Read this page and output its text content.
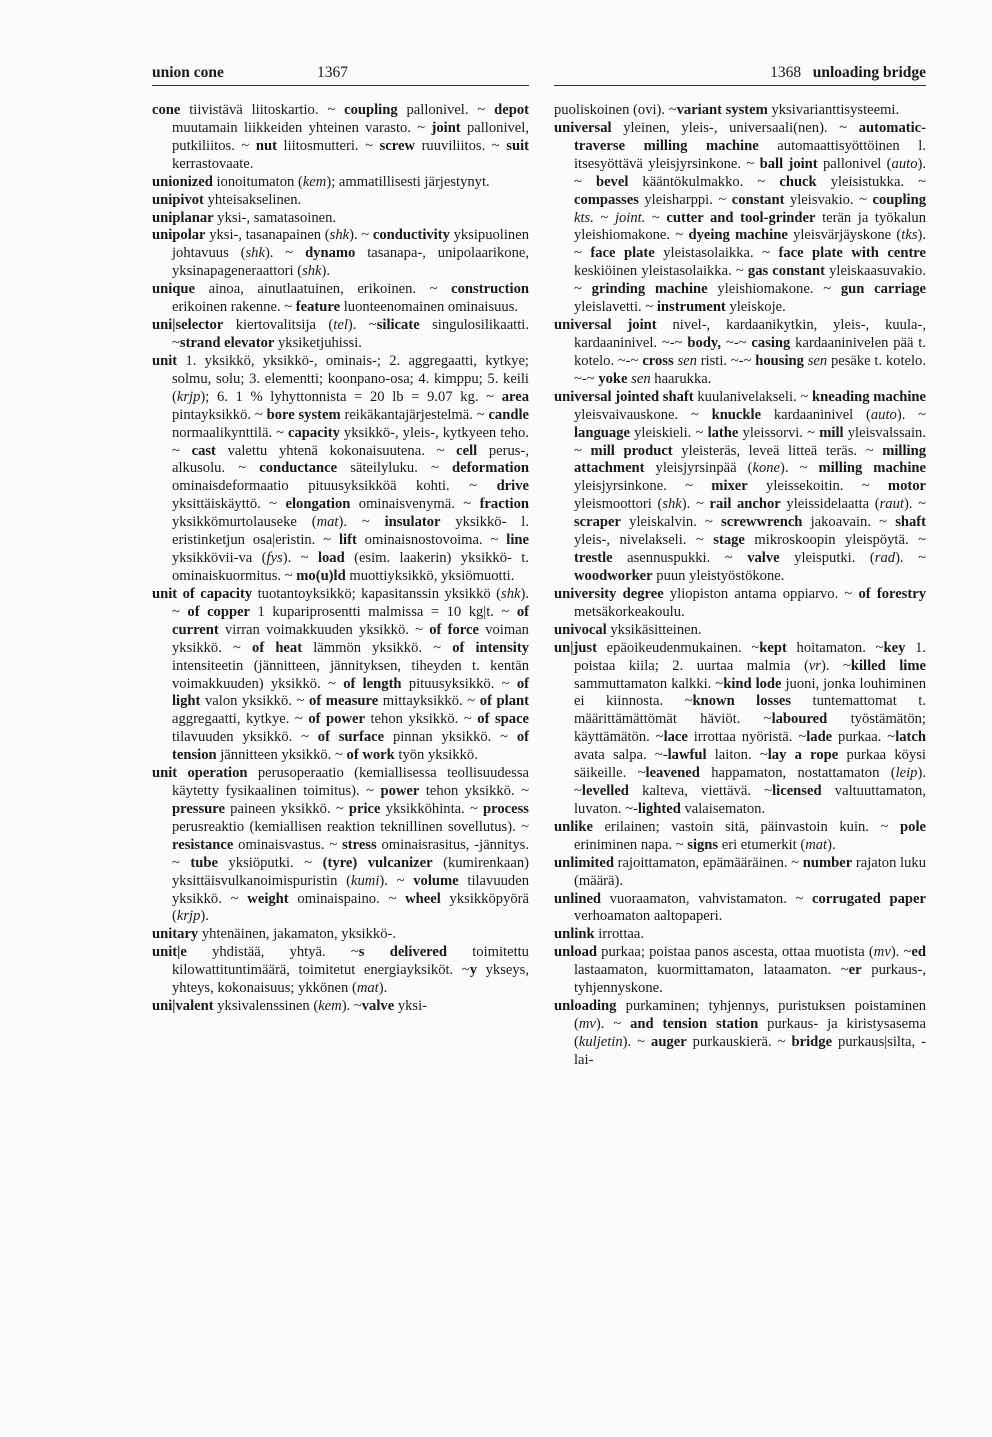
union cone	1367	1368 unloading bridge

cone tiivistävä liitoskartio. ~ coupling pallonivel. ~ depot muutamain liikkeiden yhteinen varasto. ~ joint pallonivel, putkiliitos. ~ nut liitosmutteri. ~ screw ruuviliitos. ~ suit kerrastovaate.

unionized ionoitumaton (kem); ammatillisesti järjestynyt.

unipivot yhteisakselinen.

uniplanar yksi-, samatasoinen.

unipolar yksi-, tasanapainen (shk). ~ conductivity yksipuolinen johtavuus (shk). ~ dynamo tasanapa-, unipolaarikone, yksinapageneraattori (shk).

unique ainoa, ainutlaatuinen, erikoinen. ~ construction erikoinen rakenne. ~ feature luonteenomainen ominaisuus.

uni|selector kiertovalitsija (tel). ~silicate singulosilikaatti. ~strand elevator yksiketjuhissi.

unit 1. yksikkö, yksikkö-, ominais-; 2. aggregaatti, kytkye; solmu, solu; 3. elementti; koonpano-osa; 4. kimppu; 5. keili (krjp); 6. 1 % lyhyttonnista = 20 lb = 9.07 kg. ~ area pintayksikkö. ~ bore system reikäkantajärjestelmä. ~ candle normaalikynttilä. ~ capacity yksikkö-, yleis-, kytkyeen teho. ~ cast valettu yhtenä kokonaisuutena. ~ cell perus-, alkusolu. ~ conductance säteilyluku. ~ deformation ominaisdeformaatio pituusyksikköä kohti. ~ drive yksittäiskäyttö. ~ elongation ominaisvenymä. ~ fraction yksikkömurtolauseke (mat). ~ insulator yksikkö- l. eristinketjun osa|eristin. ~ lift ominaisnostovoima. ~ line yksikkövii-va (fys). ~ load (esim. laakerin) yksikkö- t. ominaiskuormitus. ~ mo(u)ld muottiyksikkö, yksiömuotti.

unit of capacity tuotantoyksikkö; kapasitanssin yksikkö (shk). ~ of copper 1 kupariprosentti malmissa = 10 kg|t. ~ of current virran voimakkuuden yksikkö. ~ of force voiman yksikkö. ~ of heat lämmön yksikkö. ~ of intensity intensiteetin (jännitteen, jännityksen, tiheyden t. kentän voimakkuuden) yksikkö. ~ of length pituusyksikkö. ~ of light valon yksikkö. ~ of measure mittayksikkö. ~ of plant aggregaatti, kytkye. ~ of power tehon yksikkö. ~ of space tilavuuden yksikkö. ~ of surface pinnan yksikkö. ~ of tension jännitteen yksikkö. ~ of work työn yksikkö.

unit operation perusoperaatio (kemiallisessa teollisuudessa käytetty fysikaalinen toimitus). ~ power tehon yksikkö. ~ pressure paineen yksikkö. ~ price yksikköhinta. ~ process perusreaktio (kemiallisen reaktion teknillinen sovellutus). ~ resistance ominaisvastus. ~ stress ominaisrasitus, -jännitys. ~ tube yksiöputki. ~ (tyre) vulcanizer (kumirenkaan) yksittäisvulkanoimispuristin (kumi). ~ volume tilavuuden yksikkö. ~ weight ominaispaino. ~ wheel yksikköpyörä (krjp).

unitary yhtenäinen, jakamaton, yksikkö-.

unit|e yhdistää, yhtyä. ~s delivered toimitettu kilowattituntimäärä, toimitetut energiayksiköt. ~y ykseys, yhteys, kokonaisuus; ykkönen (mat).

uni|valent yksivalenssinen (kem). ~valve yksi-

puoliskoinen (ovi). ~variant system yksivarianttisysteemi.

universal yleinen, yleis-, universaali(nen). ~ automatic-traverse milling machine automaattisyöttöinen l. itsesyöttävä yleisjyrsinkone. ~ ball joint pallonivel (auto). ~ bevel kääntökulmakko. ~ chuck yleisistukka. ~ compasses yleisharppi. ~ constant yleisvakio. ~ coupling kts. ~ joint. ~ cutter and tool-grinder terän ja työkalun yleishiomakone. ~ dyeing machine yleisvärjäyskone (tks). ~ face plate yleistasolaikka. ~ face plate with centre keskiöinen yleistasolaikka. ~ gas constant yleiskaasuvakio. ~ grinding machine yleishiomakone. ~ gun carriage yleislavetti. ~ instrument yleiskoje.

universal joint nivel-, kardaanikytkin, yleis-, kuula-, kardaaninivel. ~-~ body, ~-~ casing kardaaninivelen pää t. kotelo. ~-~ cross sen risti. ~-~ housing sen pesäke t. kotelo. ~-~ yoke sen haarukka.

universal jointed shaft kuulanivelakseli. ~ kneading machine yleisvaivauskone. ~ knuckle kardaaninivel (auto). ~ language yleiskieli. ~ lathe yleissorvi. ~ mill yleisvalssain. ~ mill product yleisteräs, leveä litteä teräs. ~ milling attachment yleisjyrsinpää (kone). ~ milling machine yleisjyrsinkone. ~ mixer yleissekoitin. ~ motor yleismoottori (shk). ~ rail anchor yleissidelaatta (raut). ~ scraper yleiskalvin. ~ screwwrench jakoavain. ~ shaft yleis-, nivelakseli. ~ stage mikroskoopin yleispöytä. ~ trestle asennuspukki. ~ valve yleisputki. (rad). ~ woodworker puun yleistyöstökone.

university degree yliopiston antama oppiarvo. ~ of forestry metsäkorkeakoulu.

univocal yksikäsitteinen.

un|just epäoikeudenmukainen. ~kept hoitamaton. ~key 1. poistaa kiila; 2. uurtaa malmia (vr). ~killed lime sammuttamaton kalkki. ~kind lode juoni, jonka louhiminen ei kiinnosta. ~known losses tuntemattomat t. määrittämättömät häviöt. ~laboured työstämätön; käyttämätön. ~lace irrottaa nyöristä. ~lade purkaa. ~latch avata salpa. ~-lawful laiton. ~lay a rope purkaa köysi säikeille. ~leavened happamaton, nostattamaton (leip). ~levelled kalteva, viettävä. ~licensed valtuuttamaton, luvaton. ~-lighted valaisematon.

unlike erilainen; vastoin sitä, päinvastoin kuin. ~ pole eriniminen napa. ~ signs eri etumerkit (mat).

unlimited rajoittamaton, epämääräinen. ~ number rajaton luku (määrä).

unlined vuoraamaton, vahvistamaton. ~ corrugated paper verhoamaton aaltopaperi.

unlink irrottaa.

unload purkaa; poistaa panos ascesta, ottaa muotista (mv). ~ed lastaamaton, kuormittamaton, lataamaton. ~er purkaus-, tyhjennyskone.

unloading purkaminen; tyhjennys, puristuksen poistaminen (mv). ~ and tension station purkaus- ja kiristysasema (kuljetin). ~ auger purkauskierä. ~ bridge purkaus|silta, -lai-
